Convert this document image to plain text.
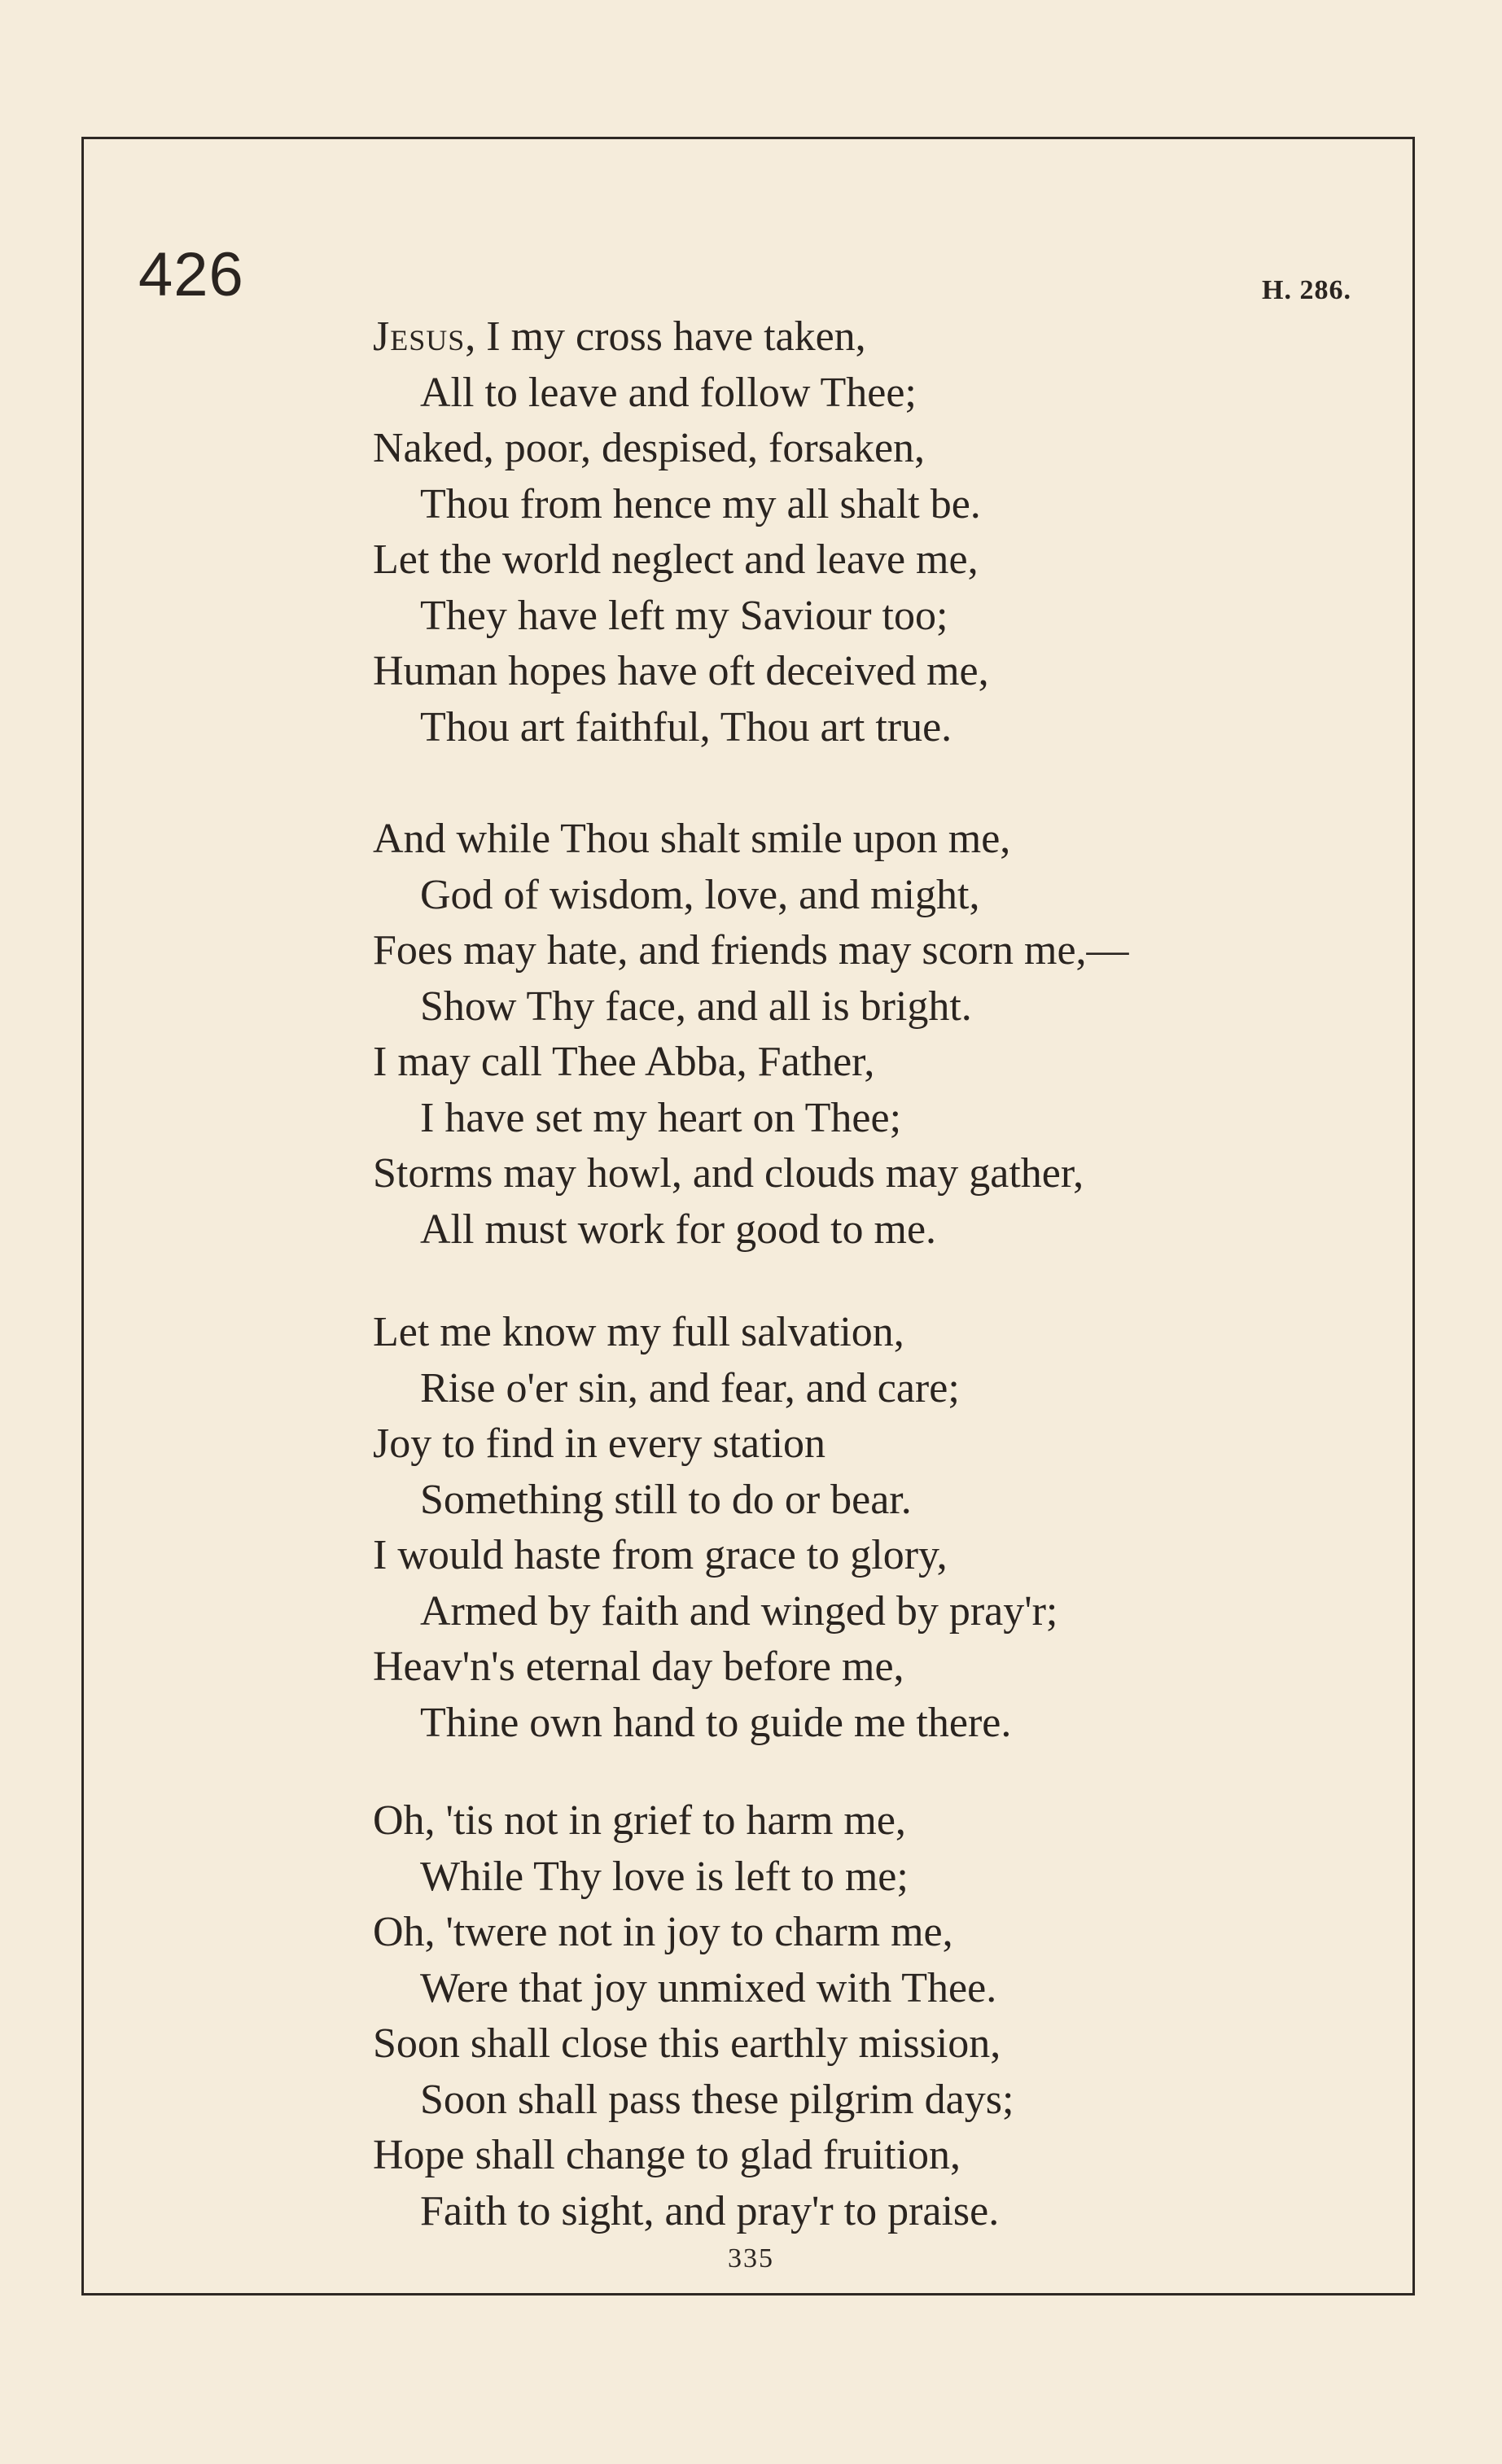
426	H. 286.
Jesus, I my cross have taken,
All to leave and follow Thee;
Naked, poor, despised, forsaken,
Thou from hence my all shalt be.
Let the world neglect and leave me,
They have left my Saviour too;
Human hopes have oft deceived me,
Thou art faithful, Thou art true.
And while Thou shalt smile upon me,
God of wisdom, love, and might,
Foes may hate, and friends may scorn me,—
Show Thy face, and all is bright.
I may call Thee Abba, Father,
I have set my heart on Thee;
Storms may howl, and clouds may gather,
All must work for good to me.
Let me know my full salvation,
Rise o'er sin, and fear, and care;
Joy to find in every station
Something still to do or bear.
I would haste from grace to glory,
Armed by faith and winged by pray'r;
Heav'n's eternal day before me,
Thine own hand to guide me there.
Oh, 'tis not in grief to harm me,
While Thy love is left to me;
Oh, 'twere not in joy to charm me,
Were that joy unmixed with Thee.
Soon shall close this earthly mission,
Soon shall pass these pilgrim days;
Hope shall change to glad fruition,
Faith to sight, and pray'r to praise.
335
